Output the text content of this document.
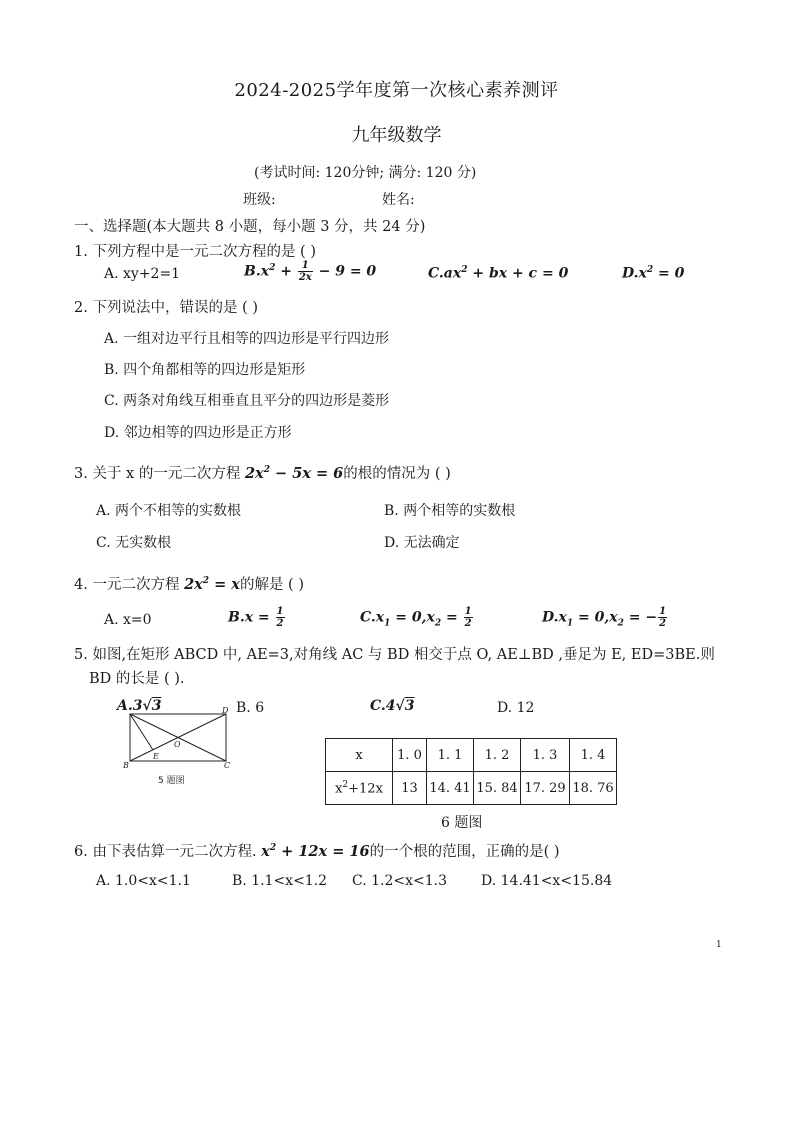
2024-2025学年度第一次核心素养测评
九年级数学
(考试时间: 120分钟; 满分: 120 分)
班级:	姓名:
一、选择题(本大题共 8 小题，每小题 3 分，共 24 分)
1. 下列方程中是一元二次方程的是 ( )
A. xy+2=1	$B.x^2 + \frac{1}{2x} - 9 = 0$	$C.ax^2$ + bx + c = 0	$D.x^2 = 0$
2. 下列说法中，错误的是 ( )
A. 一组对边平行且相等的四边形是平行四边形
B. 四个角都相等的四边形是矩形
C. 两条对角线互相垂直且平分的四边形是菱形
D. 邻边相等的四边形是正方形
3. 关于 x 的一元二次方程 $2x^2 - 5x = 6$的根的情况为 ( )
A. 两个不相等的实数根	B. 两个相等的实数根
C. 无实数根	D. 无法确定
4. 一元二次方程 $2x^2 = x$的解是 ( )
A. x=0	$B.x = \frac{1}{2}$	$C.x_1 = 0,x_2 = \frac{1}{2}$	$D.x_1 = 0,x_2$ = − $\frac{1}{2}$
5. 如图,在矩形 ABCD 中, AE=3,对角线 AC 与 BD 相交于点 O, AE⊥BD ,垂足为 E, ED=3BE.则
BD 的长是 ( ).
A.3√3	B. 6	C.4√3	D. 12
D
B	C
E
O
5 题图
x	1. 0	1. 1	1. 2	1. 3	1. 4
$x^2+12x$	13	14. 41	15. 84	17. 29	18. 76
6 题图
6. 由下表估算一元二次方程. $x^2 + 12x = 16$的一个根的范围，正确的是( )
A. 1.0<x<1.1	B. 1.1<x<1.2 C. 1.2<x<1.3 D. 14.41<x<15.84
1
